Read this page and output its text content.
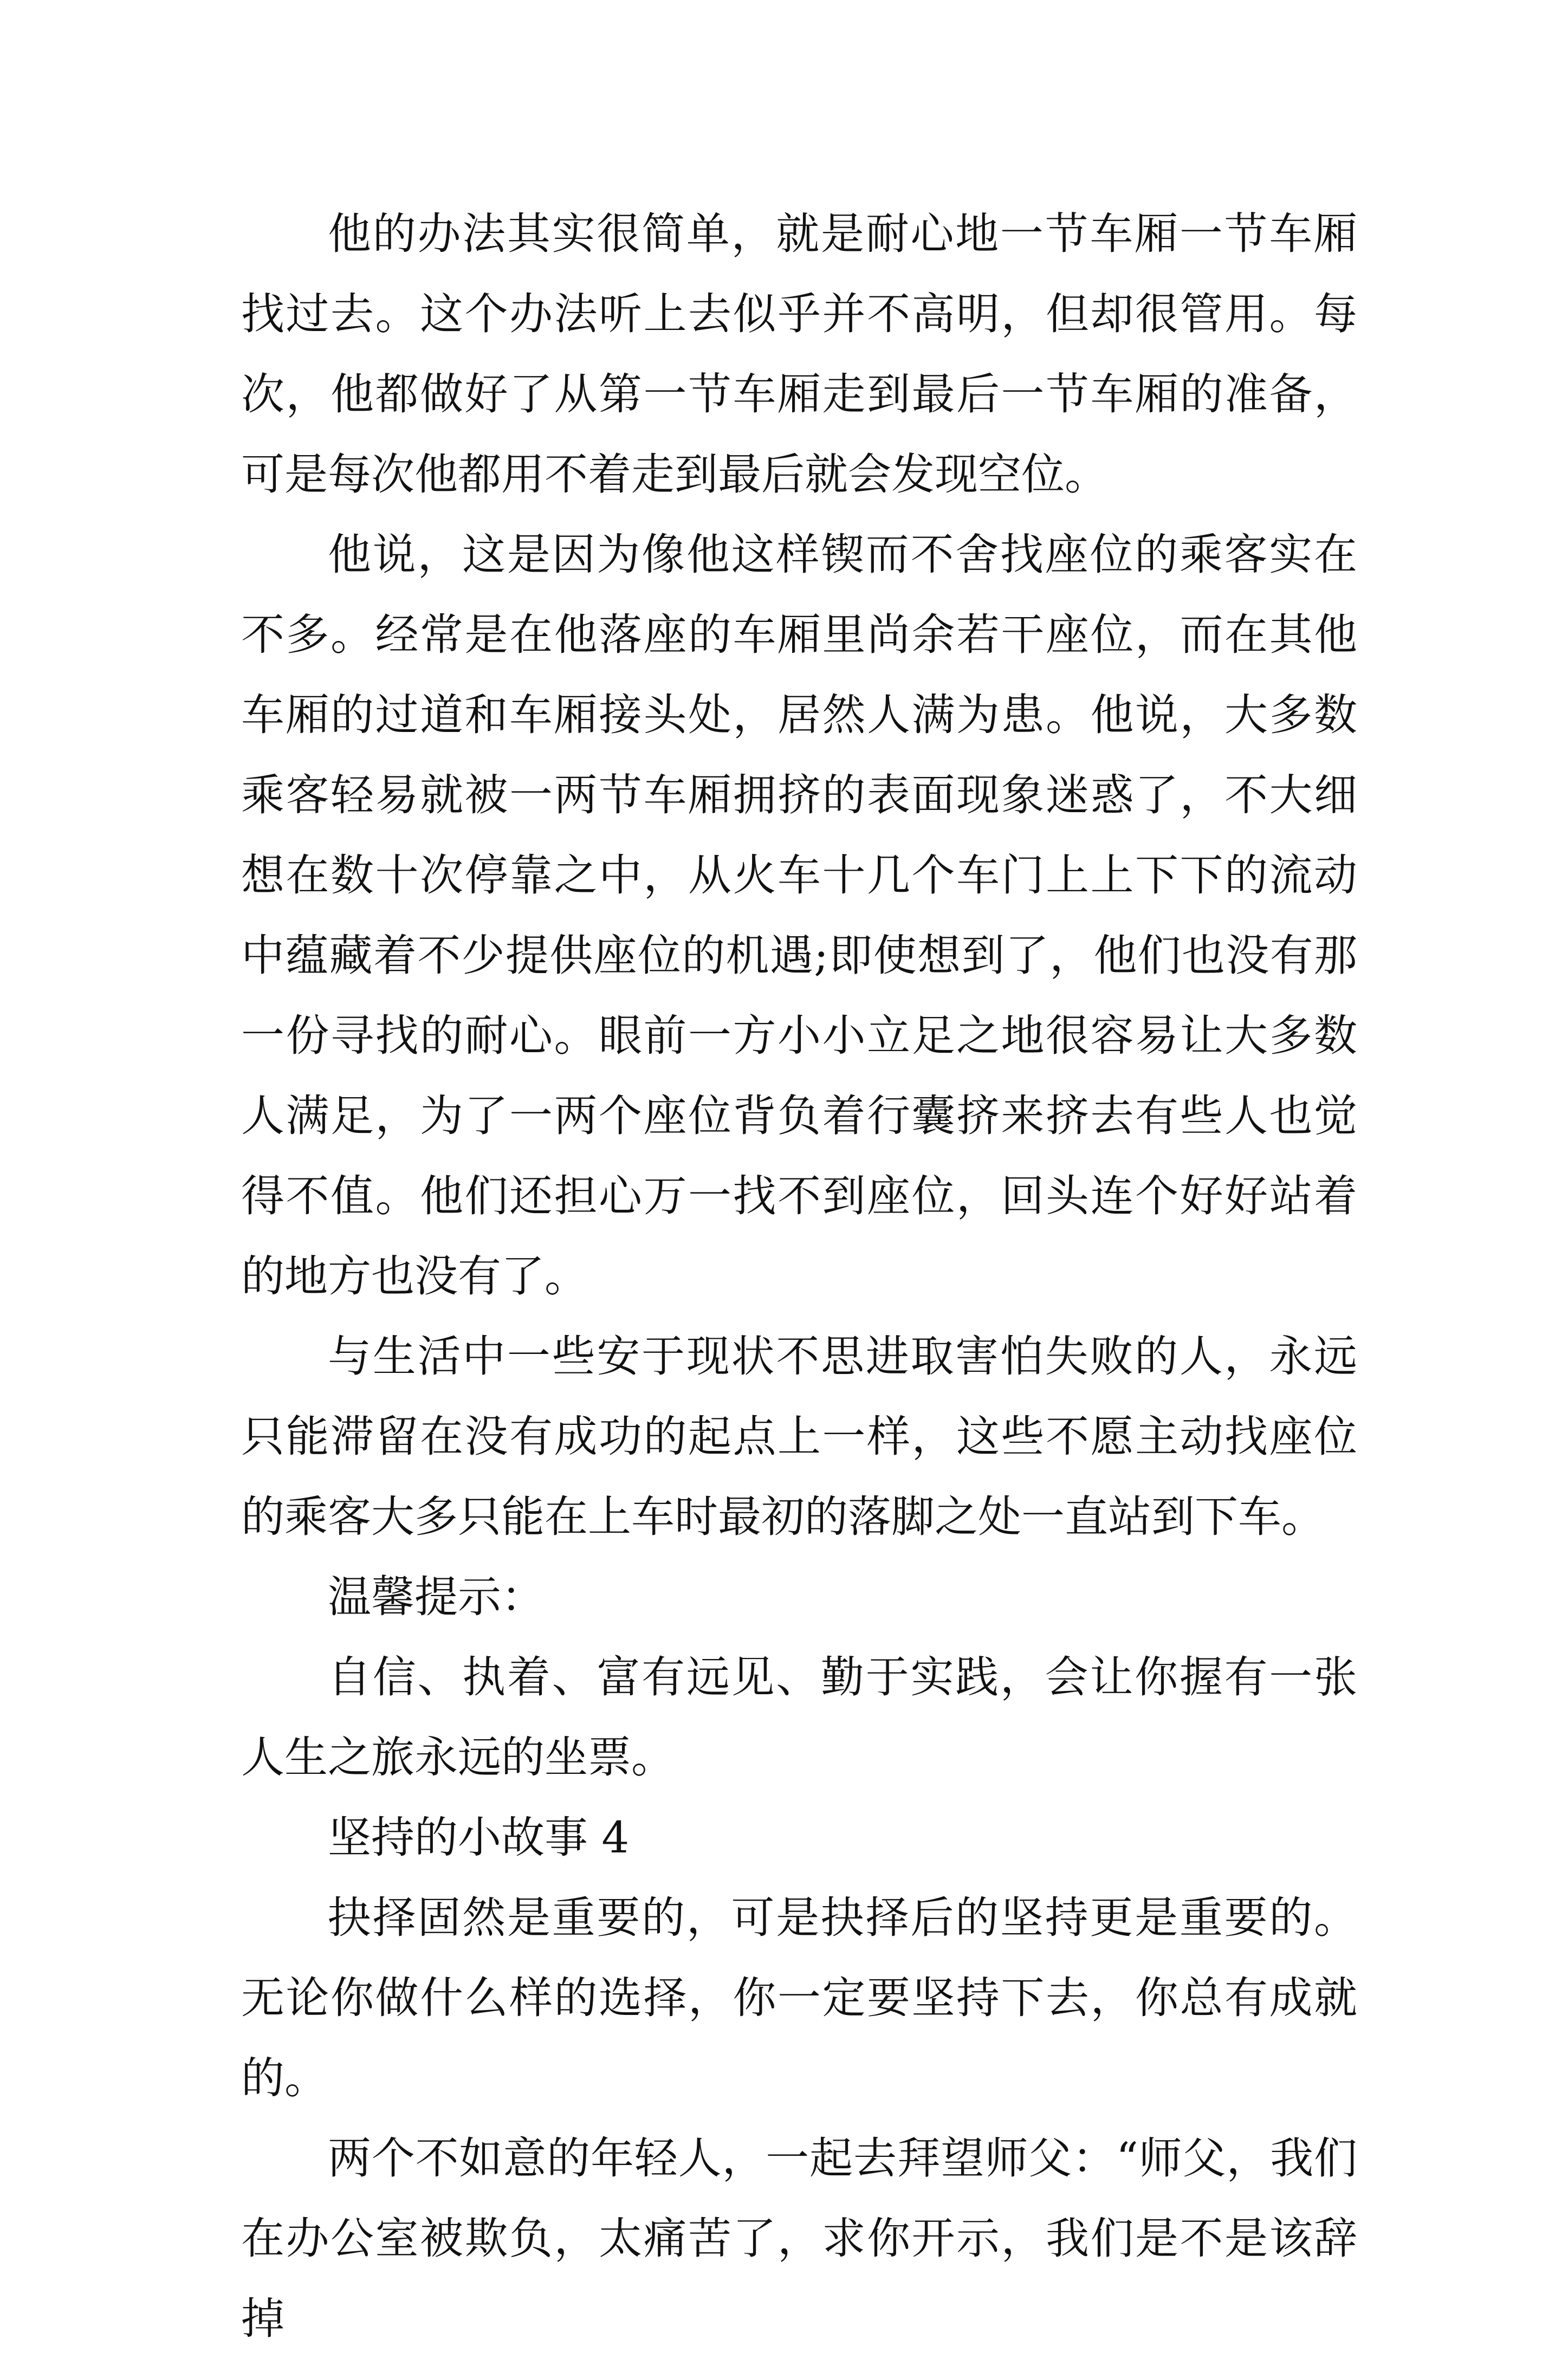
他的办法其实很简单，就是耐心地一节车厢一节车厢找过去。这个办法听上去似乎并不高明，但却很管用。每次，他都做好了从第一节车厢走到最后一节车厢的准备，可是每次他都用不着走到最后就会发现空位。

他说，这是因为像他这样锲而不舍找座位的乘客实在不多。经常是在他落座的车厢里尚余若干座位，而在其他车厢的过道和车厢接头处，居然人满为患。他说，大多数乘客轻易就被一两节车厢拥挤的表面现象迷惑了，不大细想在数十次停靠之中，从火车十几个车门上上下下的流动中蕴藏着不少提供座位的机遇;即使想到了，他们也没有那一份寻找的耐心。眼前一方小小立足之地很容易让大多数人满足，为了一两个座位背负着行囊挤来挤去有些人也觉得不值。他们还担心万一找不到座位，回头连个好好站着的地方也没有了。

与生活中一些安于现状不思进取害怕失败的人，永远只能滞留在没有成功的起点上一样，这些不愿主动找座位的乘客大多只能在上车时最初的落脚之处一直站到下车。

温馨提示：

自信、执着、富有远见、勤于实践，会让你握有一张人生之旅永远的坐票。

坚持的小故事 4

抉择固然是重要的，可是抉择后的坚持更是重要的。无论你做什么样的选择，你一定要坚持下去，你总有成就的。

两个不如意的年轻人，一起去拜望师父：“师父，我们在办公室被欺负，太痛苦了，求你开示，我们是不是该辞掉
